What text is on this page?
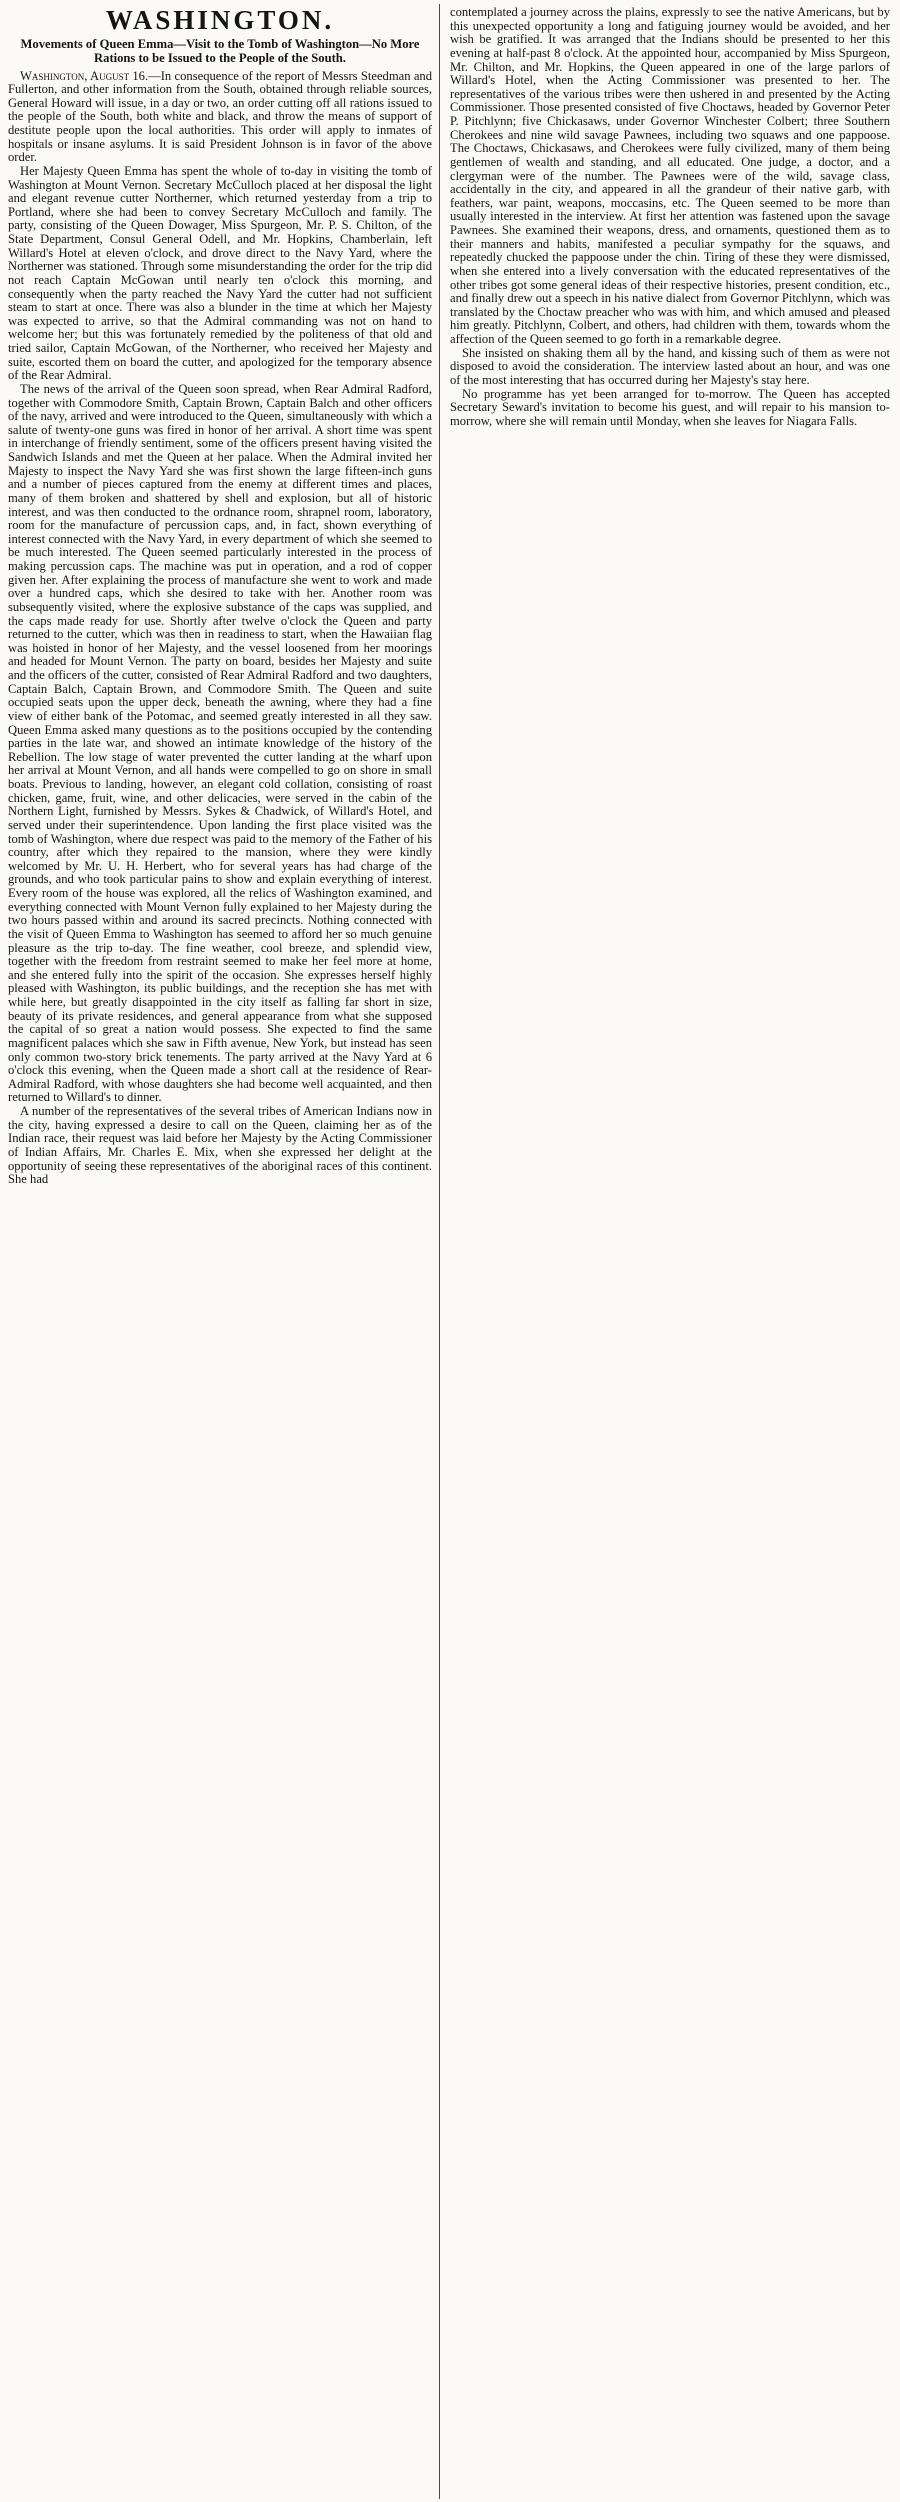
WASHINGTON.
Movements of Queen Emma—Visit to the Tomb of Washington—No More Rations to be Issued to the People of the South.

Washington, August 16.—In consequence of the report of Messrs Steedman and Fullerton, and other information from the South, obtained through reliable sources, General Howard will issue, in a day or two, an order cutting off all rations issued to the people of the South, both white and black, and throw the means of support of destitute people upon the local authorities. This order will apply to inmates of hospitals or insane asylums. It is said President Johnson is in favor of the above order.

Her Majesty Queen Emma has spent the whole of to-day in visiting the tomb of Washington at Mount Vernon. Secretary McCulloch placed at her disposal the light and elegant revenue cutter Northerner, which returned yesterday from a trip to Portland, where she had been to convey Secretary McCulloch and family. The party, consisting of the Queen Dowager, Miss Spurgeon, Mr. P. S. Chilton, of the State Department, Consul General Odell, and Mr. Hopkins, Chamberlain, left Willard's Hotel at eleven o'clock, and drove direct to the Navy Yard, where the Northerner was stationed. Through some misunderstanding the order for the trip did not reach Captain McGowan until nearly ten o'clock this morning, and consequently when the party reached the Navy Yard the cutter had not sufficient steam to start at once. There was also a blunder in the time at which her Majesty was expected to arrive, so that the Admiral commanding was not on hand to welcome her; but this was fortunately remedied by the politeness of that old and tried sailor, Captain McGowan, of the Northerner, who received her Majesty and suite, escorted them on board the cutter, and apologized for the temporary absence of the Rear Admiral.

The news of the arrival of the Queen soon spread, when Rear Admiral Radford, together with Commodore Smith, Captain Brown, Captain Balch and other officers of the navy, arrived and were introduced to the Queen, simultaneously with which a salute of twenty-one guns was fired in honor of her arrival. A short time was spent in interchange of friendly sentiment, some of the officers present having visited the Sandwich Islands and met the Queen at her palace. When the Admiral invited her Majesty to inspect the Navy Yard she was first shown the large fifteen-inch guns and a number of pieces captured from the enemy at different times and places, many of them broken and shattered by shell and explosion, but all of historic interest, and was then conducted to the ordnance room, shrapnel room, laboratory, room for the manufacture of percussion caps, and, in fact, shown everything of interest connected with the Navy Yard, in every department of which she seemed to be much interested. The Queen seemed particularly interested in the process of making percussion caps. The machine was put in operation, and a rod of copper given her. After explaining the process of manufacture she went to work and made over a hundred caps, which she desired to take with her. Another room was subsequently visited, where the explosive substance of the caps was supplied, and the caps made ready for use. Shortly after twelve o'clock the Queen and party returned to the cutter, which was then in readiness to start, when the Hawaiian flag was hoisted in honor of her Majesty, and the vessel loosened from her moorings and headed for Mount Vernon. The party on board, besides her Majesty and suite and the officers of the cutter, consisted of Rear Admiral Radford and two daughters, Captain Balch, Captain Brown, and Commodore Smith. The Queen and suite occupied seats upon the upper deck, beneath the awning, where they had a fine view of either bank of the Potomac, and seemed greatly interested in all they saw. Queen Emma asked many questions as to the positions occupied by the contending parties in the late war, and showed an intimate knowledge of the history of the Rebellion. The low stage of water prevented the cutter landing at the wharf upon her arrival at Mount Vernon, and all hands were compelled to go on shore in small boats. Previous to landing, however, an elegant cold collation, consisting of roast chicken, game, fruit, wine, and other delicacies, were served in the cabin of the Northern Light, furnished by Messrs. Sykes & Chadwick, of Willard's Hotel, and served under their superintendence. Upon landing the first place visited was the tomb of Washington, where due respect was paid to the memory of the Father of his country, after which they repaired to the mansion, where they were kindly welcomed by Mr. U. H. Herbert, who for several years has had charge of the grounds, and who took particular pains to show and explain everything of interest. Every room of the house was explored, all the relics of Washington examined, and everything connected with Mount Vernon fully explained to her Majesty during the two hours passed within and around its sacred precincts. Nothing connected with the visit of Queen Emma to Washington has seemed to afford her so much genuine pleasure as the trip to-day. The fine weather, cool breeze, and splendid view, together with the freedom from restraint seemed to make her feel more at home, and she entered fully into the spirit of the occasion. She expresses herself highly pleased with Washington, its public buildings, and the reception she has met with while here, but greatly disappointed in the city itself as falling far short in size, beauty of its private residences, and general appearance from what she supposed the capital of so great a nation would possess. She expected to find the same magnificent palaces which she saw in Fifth avenue, New York, but instead has seen only common two-story brick tenements. The party arrived at the Navy Yard at 6 o'clock this evening, when the Queen made a short call at the residence of Rear-Admiral Radford, with whose daughters she had become well acquainted, and then returned to Willard's to dinner.

A number of the representatives of the several tribes of American Indians now in the city, having expressed a desire to call on the Queen, claiming her as of the Indian race, their request was laid before her Majesty by the Acting Commissioner of Indian Affairs, Mr. Charles E. Mix, when she expressed her delight at the opportunity of seeing these representatives of the aboriginal races of this continent. She had

contemplated a journey across the plains, expressly to see the native Americans, but by this unexpected opportunity a long and fatiguing journey would be avoided, and her wish be gratified. It was arranged that the Indians should be presented to her this evening at half-past 8 o'clock. At the appointed hour, accompanied by Miss Spurgeon, Mr. Chilton, and Mr. Hopkins, the Queen appeared in one of the large parlors of Willard's Hotel, when the Acting Commissioner was presented to her. The representatives of the various tribes were then ushered in and presented by the Acting Commissioner. Those presented consisted of five Choctaws, headed by Governor Peter P. Pitchlynn; five Chickasaws, under Governor Winchester Colbert; three Southern Cherokees and nine wild savage Pawnees, including two squaws and one pappoose. The Choctaws, Chickasaws, and Cherokees were fully civilized, many of them being gentlemen of wealth and standing, and all educated. One judge, a doctor, and a clergyman were of the number. The Pawnees were of the wild, savage class, accidentally in the city, and appeared in all the grandeur of their native garb, with feathers, war paint, weapons, moccasins, etc. The Queen seemed to be more than usually interested in the interview. At first her attention was fastened upon the savage Pawnees. She examined their weapons, dress, and ornaments, questioned them as to their manners and habits, manifested a peculiar sympathy for the squaws, and repeatedly chucked the pappoose under the chin. Tiring of these they were dismissed, when she entered into a lively conversation with the educated representatives of the other tribes got some general ideas of their respective histories, present condition, etc., and finally drew out a speech in his native dialect from Governor Pitchlynn, which was translated by the Choctaw preacher who was with him, and which amused and pleased him greatly. Pitchlynn, Colbert, and others, had children with them, towards whom the affection of the Queen seemed to go forth in a remarkable degree.

She insisted on shaking them all by the hand, and kissing such of them as were not disposed to avoid the consideration. The interview lasted about an hour, and was one of the most interesting that has occurred during her Majesty's stay here.

No programme has yet been arranged for to-morrow. The Queen has accepted Secretary Seward's invitation to become his guest, and will repair to his mansion to-morrow, where she will remain until Monday, when she leaves for Niagara Falls.
